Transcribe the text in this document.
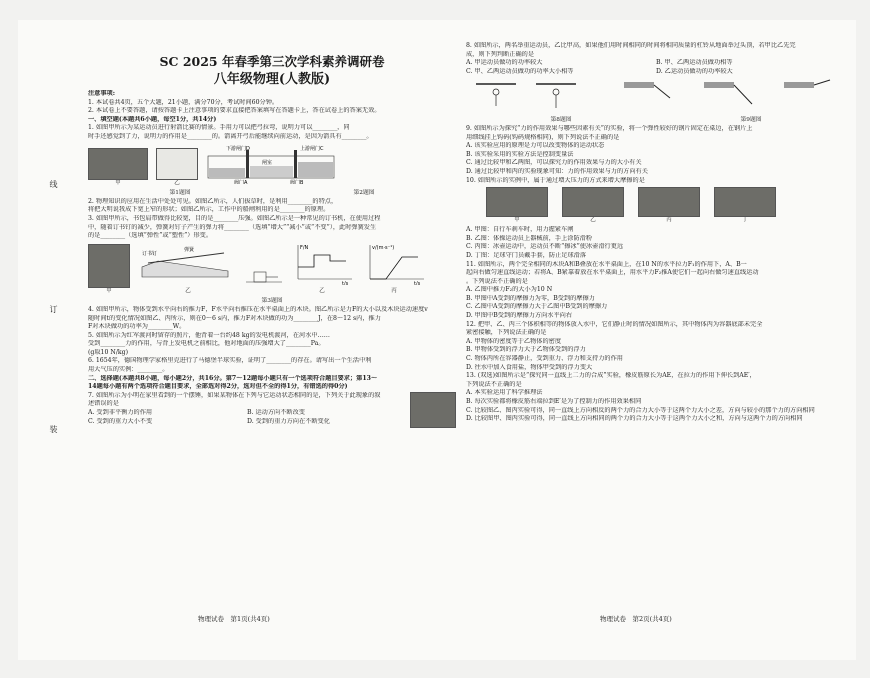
线
订
装
SC 2025 年春季第三次学科素养调研卷
八年级物理(人教版)

注意事项:

1. 本试卷共4页，五个大题，21小题，满分70分，考试时间60分钟。

2. 本试卷上不要答题，请按答题卡上注意事项的要求直接把答案填写在答题卡上，答在试卷上的答案无效。

一、填空题(本题共6小题，每空1分，共14分)

1. 如图甲所示为某运动员进行射箭比赛的情景。手用力可以把弓拉弯，说明力可以________，同

时手还感觉到了力，说明力的作用是________的。箭离开弓后能继续向前运动，是因为箭具有________。

甲	乙
下游闸门D	上游闸门C
闸室
阀门A	阀门B
第1题图	第2题图

2. 物理知识的应用在生活中处处可见。如图乙所示，人们拔草时，是利用________的特点，

将把大明说我成下宽上窄的形状；如图乙所示，工作中的船闸利用的是________的原理。

3. 如图甲所示，书包肩带做得比较宽，目的是________压强。如图乙所示是一种常见的订书机，在使用过程

中，随着订书钉的减少，弹簧对钉子产生的弹力将________（选填“增大”“减小”或“不变”），此时弹簧发生

的是________（选填“弹性”或“塑性”）形变。

甲
订书钉
弹簧
乙
F/N
t/s
乙
v/(m·s⁻¹)
t/s
丙
第3题图

4. 如图甲所示，物体受到水平向右的推力F，F水平向右推压在水平桌面上的木块。图乙所示是力F的大小以及木块运动速度v

随时间t的变化情况如图乙、丙所示，则在0～6 s内，推力F对木块做的功为________J，在8～12 s内，推力

F对木块做功的功率为________W。

5. 如图所示为红军渡河时留存的照片，他背着一台约48 kg的发电机渡河，在河水中……

受到________力的作用，与背上发电机之前相比，他对地面的压强增大了________Pa。

(g取10 N/kg)

6. 1654年，德国物理学家格里克进行了马德堡半球实验，证明了________的存在。请写出一个生活中利

用大气压的实例：________。

二、选择题(本题共8小题，每小题2分，共16分。第7～12题每小题只有一个选项符合题目要求；第13～

14题每小题有两个选项符合题目要求，全部选对得2分，选对但不全的得1分，有错选的得0分)

7. 如图所示为小明在家里看到的一个摆锤，如果某物体在下列与它运动状态相同的是，下列关于此现象的叙

述错误的是

A. 受到非平衡力的作用	B. 运动方向不断改变
C. 受到的重力大小不变	D. 受到的重力方向在不断变化

8. 如图所示，两名举重运动员，乙比甲高，如果他们用时间相同的时间将相同质量的杠铃从地面举过头顶，若甲比乙先完

成，则下列判断正确的是

A. 甲运动员做功的功率较大	B. 甲、乙两运动员做功相等
C. 甲、乙两运动员做功的功率大小相等	D. 乙运动员做功的功率较大
第8题图	第9题图

9. 如图所示为探究“力的作用效果与哪些因素有关”的实验，将一个弹性较好的钢片固定在桌边，在钢片上

用细线挂上钩码(钩码规格相同)，则下列说法不正确的是

A. 该实验应用的原理是力可以改变物体的运动状态

B. 该实验采用的实验方法是控制变量法

C. 通过比较甲和乙两图，可以探究力的作用效果与力的大小有关

D. 通过比较甲和丙的实验现象可知：力的作用效果与力的方向有关

10. 如图所示的实例中，属于通过增大压力的方式来增大摩擦的是

甲	乙	丙	丁

A. 甲图：自行车刹车时，用力握紧车闸

B. 乙图：体操运动员上器械前，手上涂防滑粉

C. 丙图：冰壶运动中，运动员不断“擦冰”使冰壶滑行更远

D. 丁图：足球守门员戴手套，防止足球滑落

11. 如图所示，两个完全相同的木块A和B叠放在水平桌面上，在10 N的水平拉力F₁的作用下，A、B一

起向右做匀速直线运动；若将A、B紧靠着放在水平桌面上，用水平力F₂推A使它们一起向右做匀速直线运动

。下列说法不正确的是

A. 乙图中推力F₂的大小为10 N

B. 甲图中A受到的摩擦力为零，B受到的摩擦力

C. 乙图中A受到的摩擦力大于乙图中B受到的摩擦力

D. 甲图中B受到的摩擦力方向水平向右

12. 把甲、乙、丙三个体积相等的物体放入水中，它们静止时的情况如图所示，其中物体丙为容器底部未完全

紧密接触，下列说法正确的是

A. 甲物体的密度等于乙物体的密度

B. 甲物体受到的浮力大于乙物体受到的浮力

C. 物体丙所在容器静止，受到重力、浮力和支持力的作用

D. 往水中加入食用盐，物体甲受到的浮力变大

13. (双选)如图所示是“探究同一直线上二力的合成”实验，橡皮筋原长为AE，在拉力的作用下伸长到AE′，

下列说法不正确的是

A. 本实验运用了科学推理法

B. 每次实验都将橡皮筋右端拉到E′是为了控制力的作用效果相同

C. 比较图乙、图丙实验可得，同一直线上方向相反的两个力的合力大小等于这两个力大小之差，方向与较小的那个力的方向相同

D. 比较图甲、图丙实验可得，同一直线上方向相同的两个力的合力大小等于这两个力大小之和，方向与这两个力的方向相同

物理试卷　第1页(共4页)	物理试卷　第2页(共4页)
